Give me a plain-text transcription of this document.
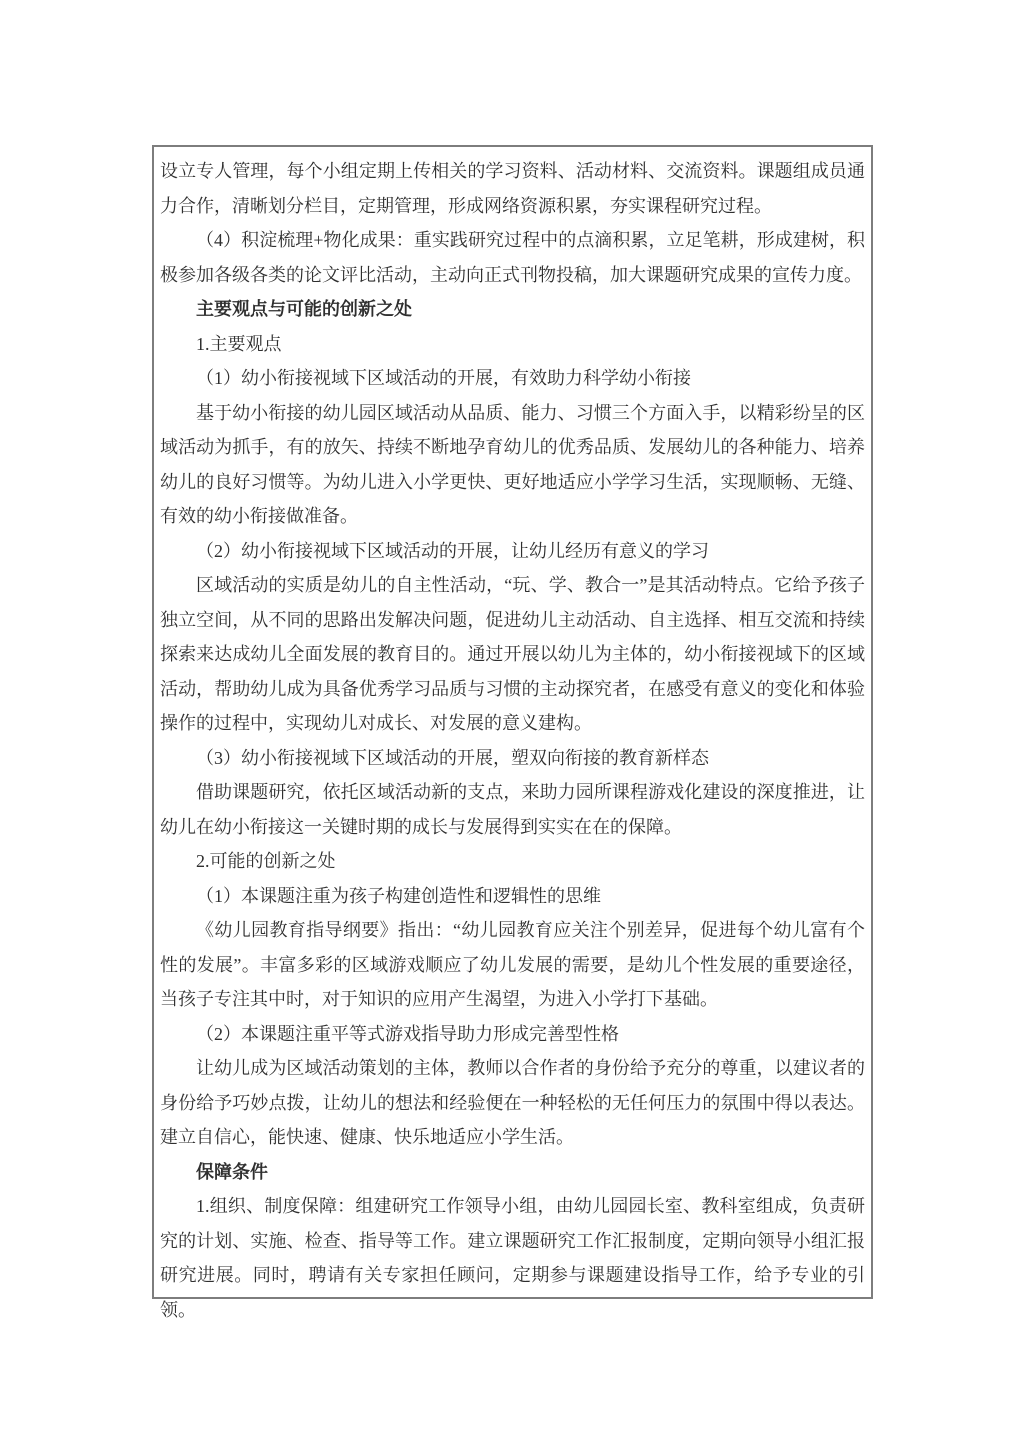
设立专人管理，每个小组定期上传相关的学习资料、活动材料、交流资料。课题组成员通力合作，清晰划分栏目，定期管理，形成网络资源积累，夯实课程研究过程。

（4）积淀梳理+物化成果：重实践研究过程中的点滴积累，立足笔耕，形成建树，积极参加各级各类的论文评比活动，主动向正式刊物投稿，加大课题研究成果的宣传力度。

主要观点与可能的创新之处

1.主要观点

（1）幼小衔接视域下区域活动的开展，有效助力科学幼小衔接

基于幼小衔接的幼儿园区域活动从品质、能力、习惯三个方面入手，以精彩纷呈的区域活动为抓手，有的放矢、持续不断地孕育幼儿的优秀品质、发展幼儿的各种能力、培养幼儿的良好习惯等。为幼儿进入小学更快、更好地适应小学学习生活，实现顺畅、无缝、有效的幼小衔接做准备。

（2）幼小衔接视域下区域活动的开展，让幼儿经历有意义的学习

区域活动的实质是幼儿的自主性活动，“玩、学、教合一”是其活动特点。它给予孩子独立空间，从不同的思路出发解决问题，促进幼儿主动活动、自主选择、相互交流和持续探索来达成幼儿全面发展的教育目的。通过开展以幼儿为主体的，幼小衔接视域下的区域活动，帮助幼儿成为具备优秀学习品质与习惯的主动探究者，在感受有意义的变化和体验操作的过程中，实现幼儿对成长、对发展的意义建构。

（3）幼小衔接视域下区域活动的开展，塑双向衔接的教育新样态

借助课题研究，依托区域活动新的支点，来助力园所课程游戏化建设的深度推进，让幼儿在幼小衔接这一关键时期的成长与发展得到实实在在的保障。

2.可能的创新之处

（1）本课题注重为孩子构建创造性和逻辑性的思维

《幼儿园教育指导纲要》指出：“幼儿园教育应关注个别差异，促进每个幼儿富有个性的发展”。丰富多彩的区域游戏顺应了幼儿发展的需要，是幼儿个性发展的重要途径，当孩子专注其中时，对于知识的应用产生渴望，为进入小学打下基础。

（2）本课题注重平等式游戏指导助力形成完善型性格

让幼儿成为区域活动策划的主体，教师以合作者的身份给予充分的尊重，以建议者的身份给予巧妙点拨，让幼儿的想法和经验便在一种轻松的无任何压力的氛围中得以表达。建立自信心，能快速、健康、快乐地适应小学生活。

保障条件

1.组织、制度保障：组建研究工作领导小组，由幼儿园园长室、教科室组成，负责研究的计划、实施、检查、指导等工作。建立课题研究工作汇报制度，定期向领导小组汇报研究进展。同时，聘请有关专家担任顾问，定期参与课题建设指导工作，给予专业的引领。
